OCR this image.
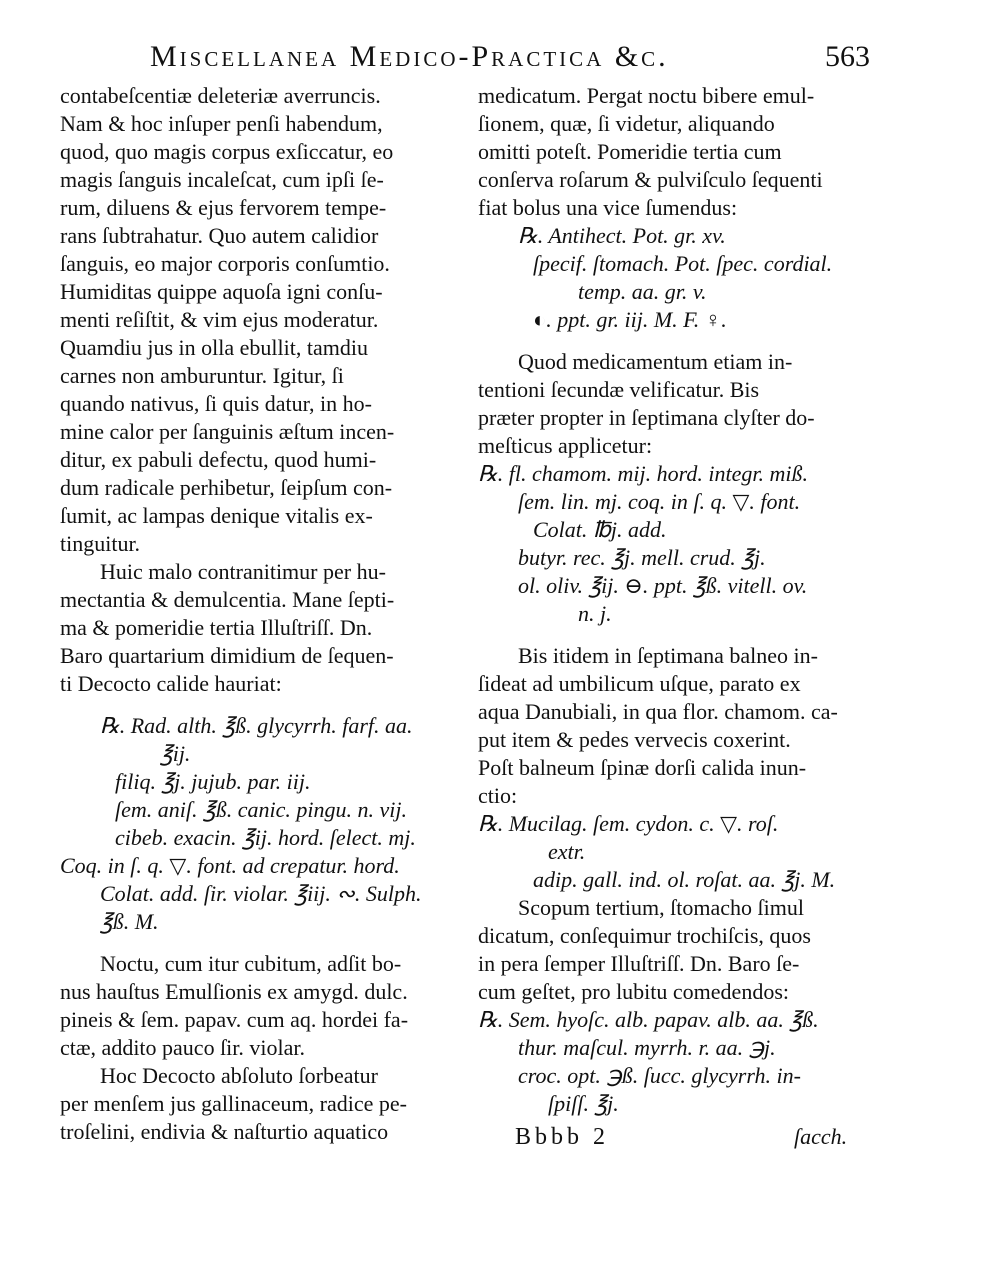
Miscellanea Medico-Practica &c.	563
contabeſcentiæ deleteriæ averruncis.
Nam & hoc inſuper penſi habendum,
quod, quo magis corpus exſiccatur, eo
magis ſanguis incaleſcat, cum ipſi ſe-
rum, diluens & ejus fervorem tempe-
rans ſubtrahatur. Quo autem calidior
ſanguis, eo major corporis conſumtio.
Humiditas quippe aquoſa igni conſu-
menti reſiſtit, & vim ejus moderatur.
Quamdiu jus in olla ebullit, tamdiu
carnes non amburuntur. Igitur, ſi
quando nativus, ſi quis datur, in ho-
mine calor per ſanguinis æſtum incen-
ditur, ex pabuli defectu, quod humi-
dum radicale perhibetur, ſeipſum con-
ſumit, ac lampas denique vitalis ex-
tinguitur.
Huic malo contranitimur per hu-
mectantia & demulcentia. Mane ſepti-
ma & pomeridie tertia Illuſtriſſ. Dn.
Baro quartarium dimidium de ſequen-
ti Decocto calide hauriat:
℞. Rad. alth. ℥ß. glycyrrh. farf. aa.
℥ij.
filiq. ℥j. jujub. par. iij.
ſem. aniſ. ℥ß. canic. pingu. n. vij.
cibeb. exacin. ℥ij. hord. ſelect. mj.
Coq. in ſ. q. ▽. font. ad crepatur. hord.
Colat. add. ſir. violar. ℥iij. ∾. Sulph.
℥ß. M.
Noctu, cum itur cubitum, adſit bo-
nus hauſtus Emulſionis ex amygd. dulc.
pineis & ſem. papav. cum aq. hordei fa-
ctæ, addito pauco ſir. violar.
Hoc Decocto abſoluto ſorbeatur
per menſem jus gallinaceum, radice pe-
troſelini, endivia & naſturtio aquatico
medicatum. Pergat noctu bibere emul-
ſionem, quæ, ſi videtur, aliquando
omitti poteſt. Pomeridie tertia cum
conſerva roſarum & pulviſculo ſequenti
fiat bolus una vice ſumendus:
℞. Antihect. Pot. gr. xv.
ſpecif. ſtomach. Pot. ſpec. cordial.
temp. aa. gr. v.
◐. ppt. gr. iij. M. F. ♀.
Quod medicamentum etiam in-
tentioni ſecundæ velificatur. Bis
præter propter in ſeptimana clyſter do-
meſticus applicetur:
℞. fl. chamom. mij. hord. integr. miß.
ſem. lin. mj. coq. in ſ. q. ▽. font.
Colat. ℔j. add.
butyr. rec. ℥j. mell. crud. ℥j.
ol. oliv. ℥ij. ⊖. ppt. ℥ß. vitell. ov.
n. j.
Bis itidem in ſeptimana balneo in-
ſideat ad umbilicum uſque, parato ex
aqua Danubiali, in qua flor. chamom. ca-
put item & pedes vervecis coxerint.
Poſt balneum ſpinæ dorſi calida inun-
ctio:
℞. Mucilag. ſem. cydon. c. ▽. roſ.
extr.
adip. gall. ind. ol. roſat. aa. ℥j. M.
Scopum tertium, ſtomacho ſimul
dicatum, conſequimur trochiſcis, quos
in pera ſemper Illuſtriſſ. Dn. Baro ſe-
cum geſtet, pro lubitu comedendos:
℞. Sem. hyoſc. alb. papav. alb. aa. ℥ß.
thur. maſcul. myrrh. r. aa. ℈j.
croc. opt. ℈ß. ſucc. glycyrrh. in-
ſpiſſ. ℥j.
Bbbb 2	ſacch.
